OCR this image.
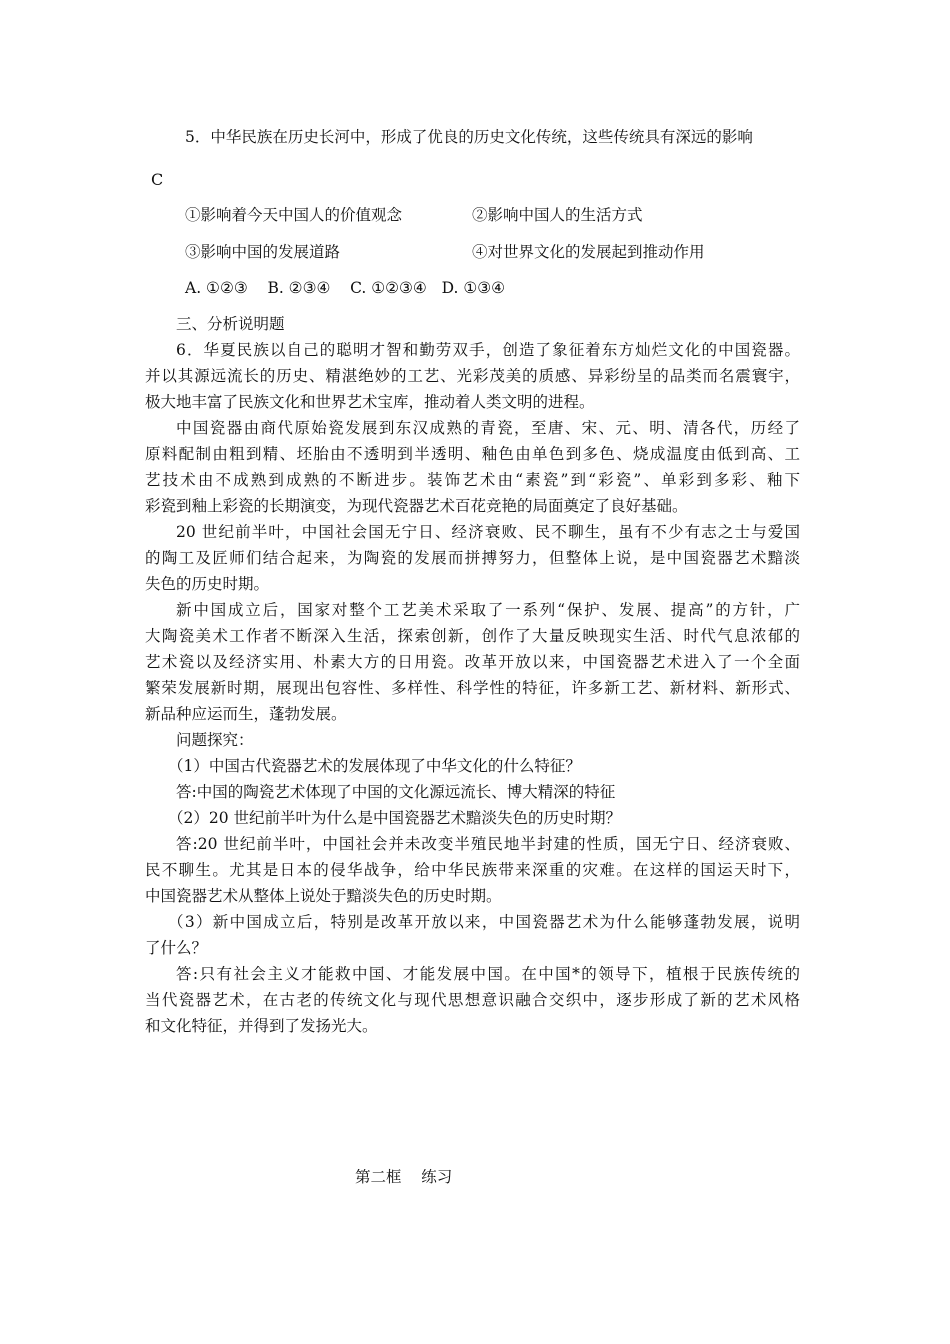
5．中华民族在历史长河中，形成了优良的历史文化传统，这些传统具有深远的影响
C
①影响着今天中国人的价值观念	②影响中国人的生活方式
③影响中国的发展道路	④对世界文化的发展起到推动作用
A. ①②③    B. ②③④    C. ①②③④   D. ①③④
三、分析说明题
6．华夏民族以自己的聪明才智和勤劳双手，创造了象征着东方灿烂文化的中国瓷器。
并以其源远流长的历史、精湛绝妙的工艺、光彩茂美的质感、异彩纷呈的品类而名震寰宇，
极大地丰富了民族文化和世界艺术宝库，推动着人类文明的进程。
中国瓷器由商代原始瓷发展到东汉成熟的青瓷，至唐、宋、元、明、清各代，历经了
原料配制由粗到精、坯胎由不透明到半透明、釉色由单色到多色、烧成温度由低到高、工
艺技术由不成熟到成熟的不断进步。装饰艺术由“素瓷”到“彩瓷”、单彩到多彩、釉下
彩瓷到釉上彩瓷的长期演变，为现代瓷器艺术百花竞艳的局面奠定了良好基础。
20 世纪前半叶，中国社会国无宁日、经济衰败、民不聊生，虽有不少有志之士与爱国
的陶工及匠师们结合起来，为陶瓷的发展而拼搏努力，但整体上说，是中国瓷器艺术黯淡
失色的历史时期。
新中国成立后，国家对整个工艺美术采取了一系列“保护、发展、提高”的方针，广
大陶瓷美术工作者不断深入生活，探索创新，创作了大量反映现实生活、时代气息浓郁的
艺术瓷以及经济实用、朴素大方的日用瓷。改革开放以来，中国瓷器艺术进入了一个全面
繁荣发展新时期，展现出包容性、多样性、科学性的特征，许多新工艺、新材料、新形式、
新品种应运而生，蓬勃发展。
问题探究：
（1）中国古代瓷器艺术的发展体现了中华文化的什么特征？
答:中国的陶瓷艺术体现了中国的文化源远流长、博大精深的特征
（2）20 世纪前半叶为什么是中国瓷器艺术黯淡失色的历史时期？
答:20 世纪前半叶，中国社会并未改变半殖民地半封建的性质，国无宁日、经济衰败、
民不聊生。尤其是日本的侵华战争，给中华民族带来深重的灾难。在这样的国运天时下，
中国瓷器艺术从整体上说处于黯淡失色的历史时期。
（3）新中国成立后，特别是改革开放以来，中国瓷器艺术为什么能够蓬勃发展，说明
了什么？
答:只有社会主义才能救中国、才能发展中国。在中国*的领导下，植根于民族传统的
当代瓷器艺术，在古老的传统文化与现代思想意识融合交织中，逐步形成了新的艺术风格
和文化特征，并得到了发扬光大。
第二框    练习
